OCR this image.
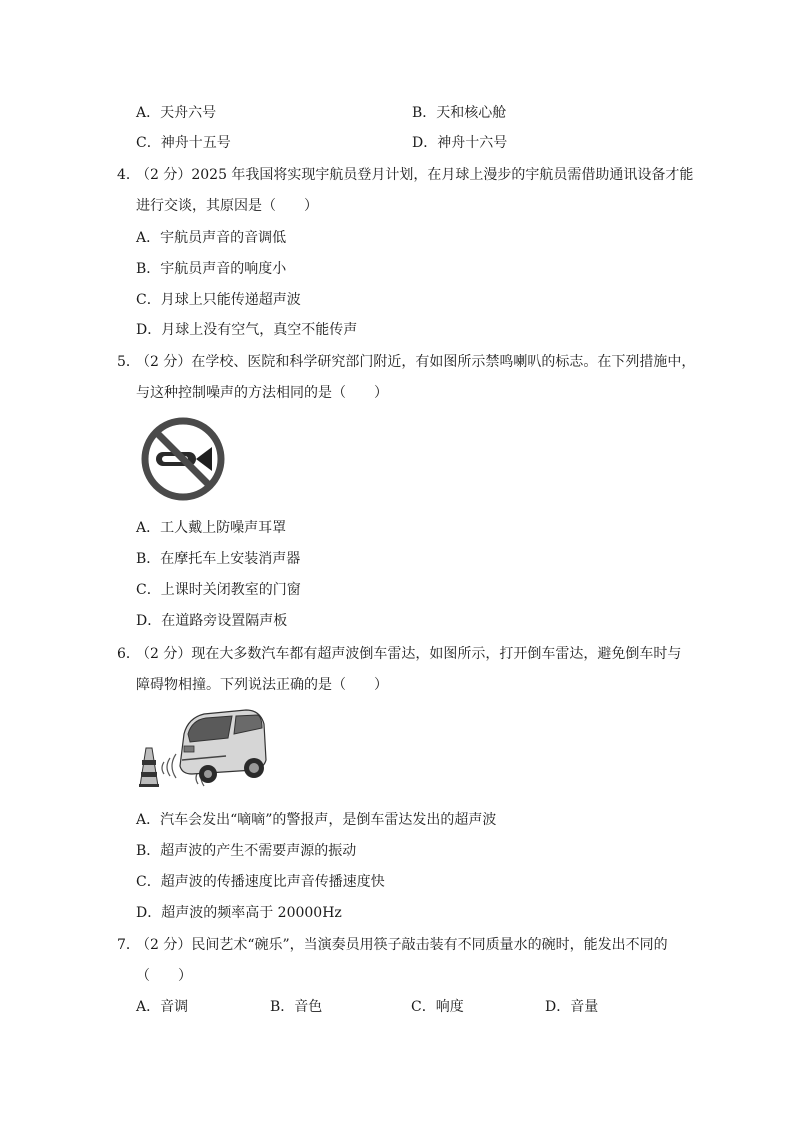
A．天舟六号	B．天和核心舱
C．神舟十五号	D．神舟十六号
4．
（2 分）2025 年我国将实现宇航员登月计划，在月球上漫步的宇航员需借助通讯设备才能
进行交谈，其原因是（　　）
A．宇航员声音的音调低
B．宇航员声音的响度小
C．月球上只能传递超声波
D．月球上没有空气，真空不能传声
5．
（2 分）在学校、医院和科学研究部门附近，有如图所示禁鸣喇叭的标志。在下列措施中，
与这种控制噪声的方法相同的是（　　）
A．工人戴上防噪声耳罩
B．在摩托车上安装消声器
C．上课时关闭教室的门窗
D．在道路旁设置隔声板
6．
（2 分）现在大多数汽车都有超声波倒车雷达，如图所示，打开倒车雷达，避免倒车时与
障碍物相撞。下列说法正确的是（　　）
A．汽车会发出“嘀嘀”的警报声，是倒车雷达发出的超声波
B．超声波的产生不需要声源的振动
C．超声波的传播速度比声音传播速度快
D．超声波的频率高于 20000Hz
7．
（2 分）民间艺术“碗乐”，当演奏员用筷子敲击装有不同质量水的碗时，能发出不同的
（　　）
A．音调	B．音色	C．响度	D．音量
